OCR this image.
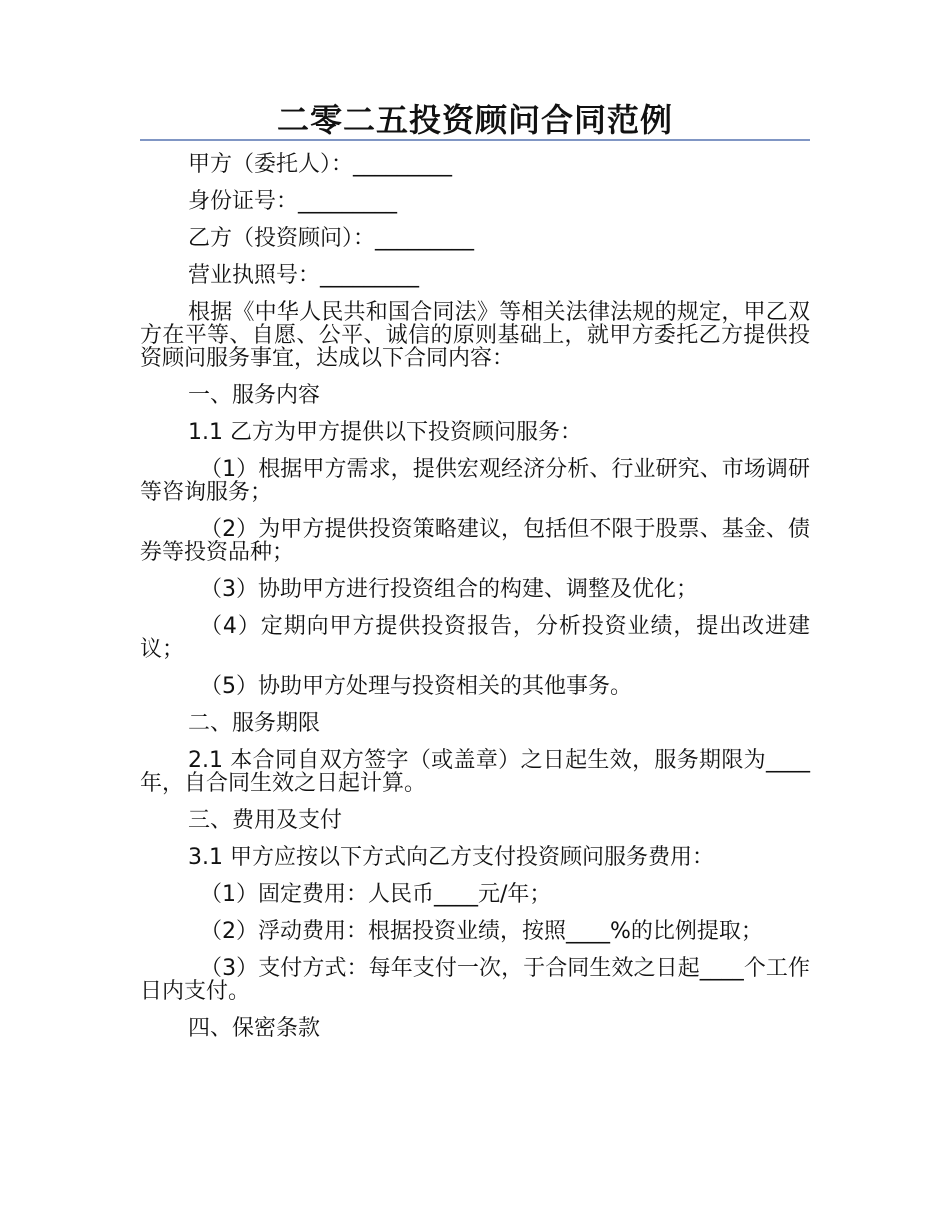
二零二五投资顾问合同范例

甲方（委托人）：_________

身份证号：_________

乙方（投资顾问）：_________

营业执照号：_________

根据《中华人民共和国合同法》等相关法律法规的规定，甲乙双方在平等、自愿、公平、诚信的原则基础上，就甲方委托乙方提供投资顾问服务事宜，达成以下合同内容：

一、服务内容

1.1 乙方为甲方提供以下投资顾问服务：

（1）根据甲方需求，提供宏观经济分析、行业研究、市场调研等咨询服务；

（2）为甲方提供投资策略建议，包括但不限于股票、基金、债券等投资品种；

（3）协助甲方进行投资组合的构建、调整及优化；

（4）定期向甲方提供投资报告，分析投资业绩，提出改进建议；

（5）协助甲方处理与投资相关的其他事务。

二、服务期限

2.1 本合同自双方签字（或盖章）之日起生效，服务期限为____年，自合同生效之日起计算。

三、费用及支付

3.1 甲方应按以下方式向乙方支付投资顾问服务费用：

（1）固定费用：人民币____元/年；

（2）浮动费用：根据投资业绩，按照____%的比例提取；

（3）支付方式：每年支付一次，于合同生效之日起____个工作日内支付。

四、保密条款
